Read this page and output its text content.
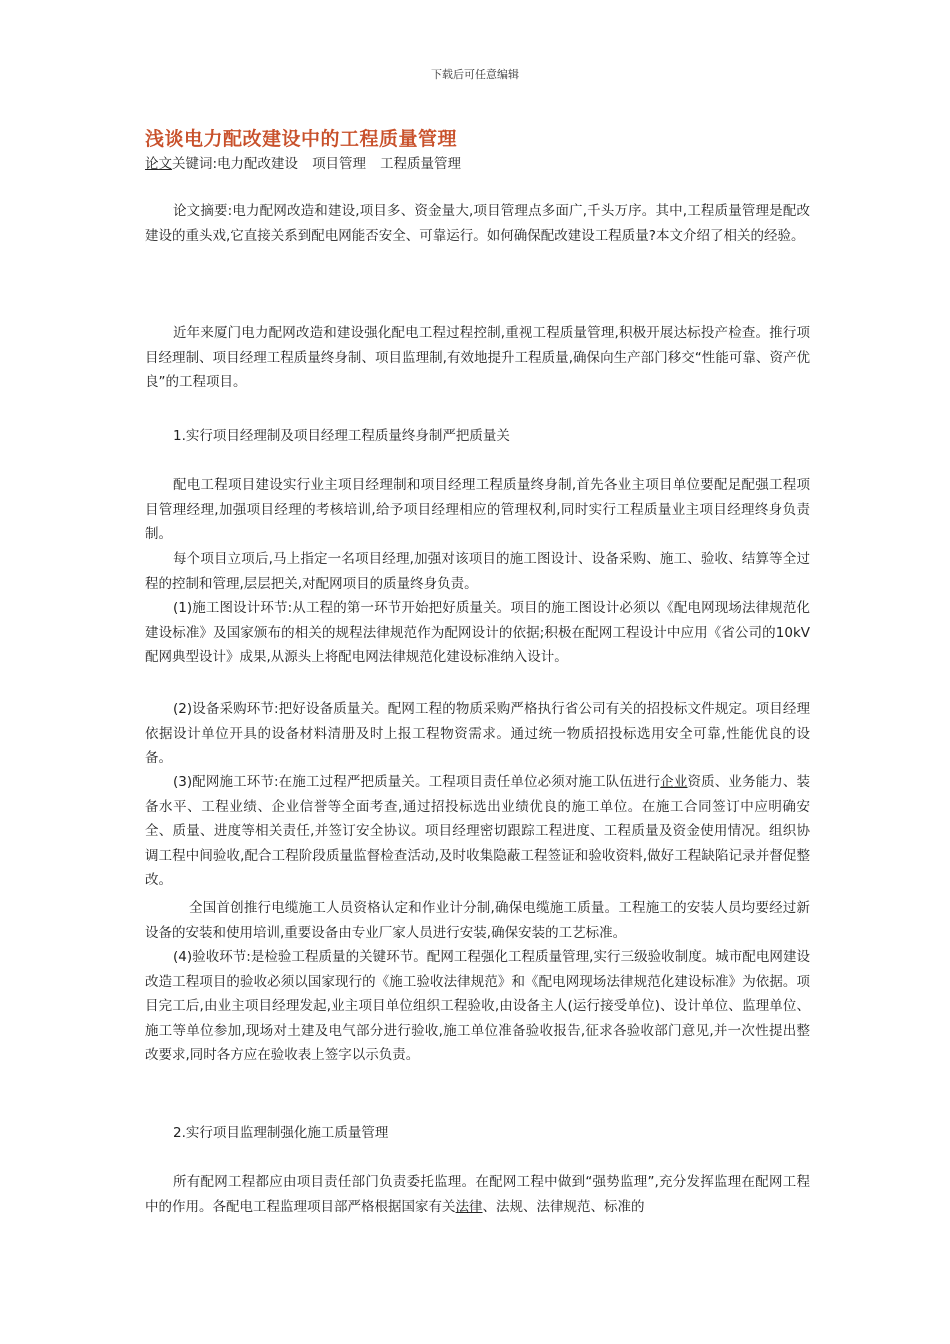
下载后可任意编辑
浅谈电力配改建设中的工程质量管理
论文关键词:电力配改建设 项目管理 工程质量管理
论文摘要:电力配网改造和建设,项目多、资金量大,项目管理点多面广,千头万序。其中,工程质量管理是配改建设的重头戏,它直接关系到配电网能否安全、可靠运行。如何确保配改建设工程质量?本文介绍了相关的经验。
近年来厦门电力配网改造和建设强化配电工程过程控制,重视工程质量管理,积极开展达标投产检查。推行项目经理制、项目经理工程质量终身制、项目监理制,有效地提升工程质量,确保向生产部门移交“性能可靠、资产优良”的工程项目。
1.实行项目经理制及项目经理工程质量终身制严把质量关
配电工程项目建设实行业主项目经理制和项目经理工程质量终身制,首先各业主项目单位要配足配强工程项目管理经理,加强项目经理的考核培训,给予项目经理相应的管理权利,同时实行工程质量业主项目经理终身负责制。
每个项目立项后,马上指定一名项目经理,加强对该项目的施工图设计、设备采购、施工、验收、结算等全过程的控制和管理,层层把关,对配网项目的质量终身负责。
(1)施工图设计环节:从工程的第一环节开始把好质量关。项目的施工图设计必须以《配电网现场法律规范化建设标准》及国家颁布的相关的规程法律规范作为配网设计的依据;积极在配网工程设计中应用《省公司的10kV配网典型设计》成果,从源头上将配电网法律规范化建设标准纳入设计。
(2)设备采购环节:把好设备质量关。配网工程的物质采购严格执行省公司有关的招投标文件规定。项目经理依据设计单位开具的设备材料清册及时上报工程物资需求。通过统一物质招投标选用安全可靠,性能优良的设备。
(3)配网施工环节:在施工过程严把质量关。工程项目责任单位必须对施工队伍进行企业资质、业务能力、装备水平、工程业绩、企业信誉等全面考查,通过招投标选出业绩优良的施工单位。在施工合同签订中应明确安全、质量、进度等相关责任,并签订安全协议。项目经理密切跟踪工程进度、工程质量及资金使用情况。组织协调工程中间验收,配合工程阶段质量监督检查活动,及时收集隐蔽工程签证和验收资料,做好工程缺陷记录并督促整改。
全国首创推行电缆施工人员资格认定和作业计分制,确保电缆施工质量。工程施工的安装人员均要经过新设备的安装和使用培训,重要设备由专业厂家人员进行安装,确保安装的工艺标准。
(4)验收环节:是检验工程质量的关键环节。配网工程强化工程质量管理,实行三级验收制度。城市配电网建设改造工程项目的验收必须以国家现行的《施工验收法律规范》和《配电网现场法律规范化建设标准》为依据。项目完工后,由业主项目经理发起,业主项目单位组织工程验收,由设备主人(运行接受单位)、设计单位、监理单位、施工等单位参加,现场对土建及电气部分进行验收,施工单位准备验收报告,征求各验收部门意见,并一次性提出整改要求,同时各方应在验收表上签字以示负责。
2.实行项目监理制强化施工质量管理
所有配网工程都应由项目责任部门负责委托监理。在配网工程中做到“强势监理”,充分发挥监理在配网工程中的作用。各配电工程监理项目部严格根据国家有关法律、法规、法律规范、标准的
